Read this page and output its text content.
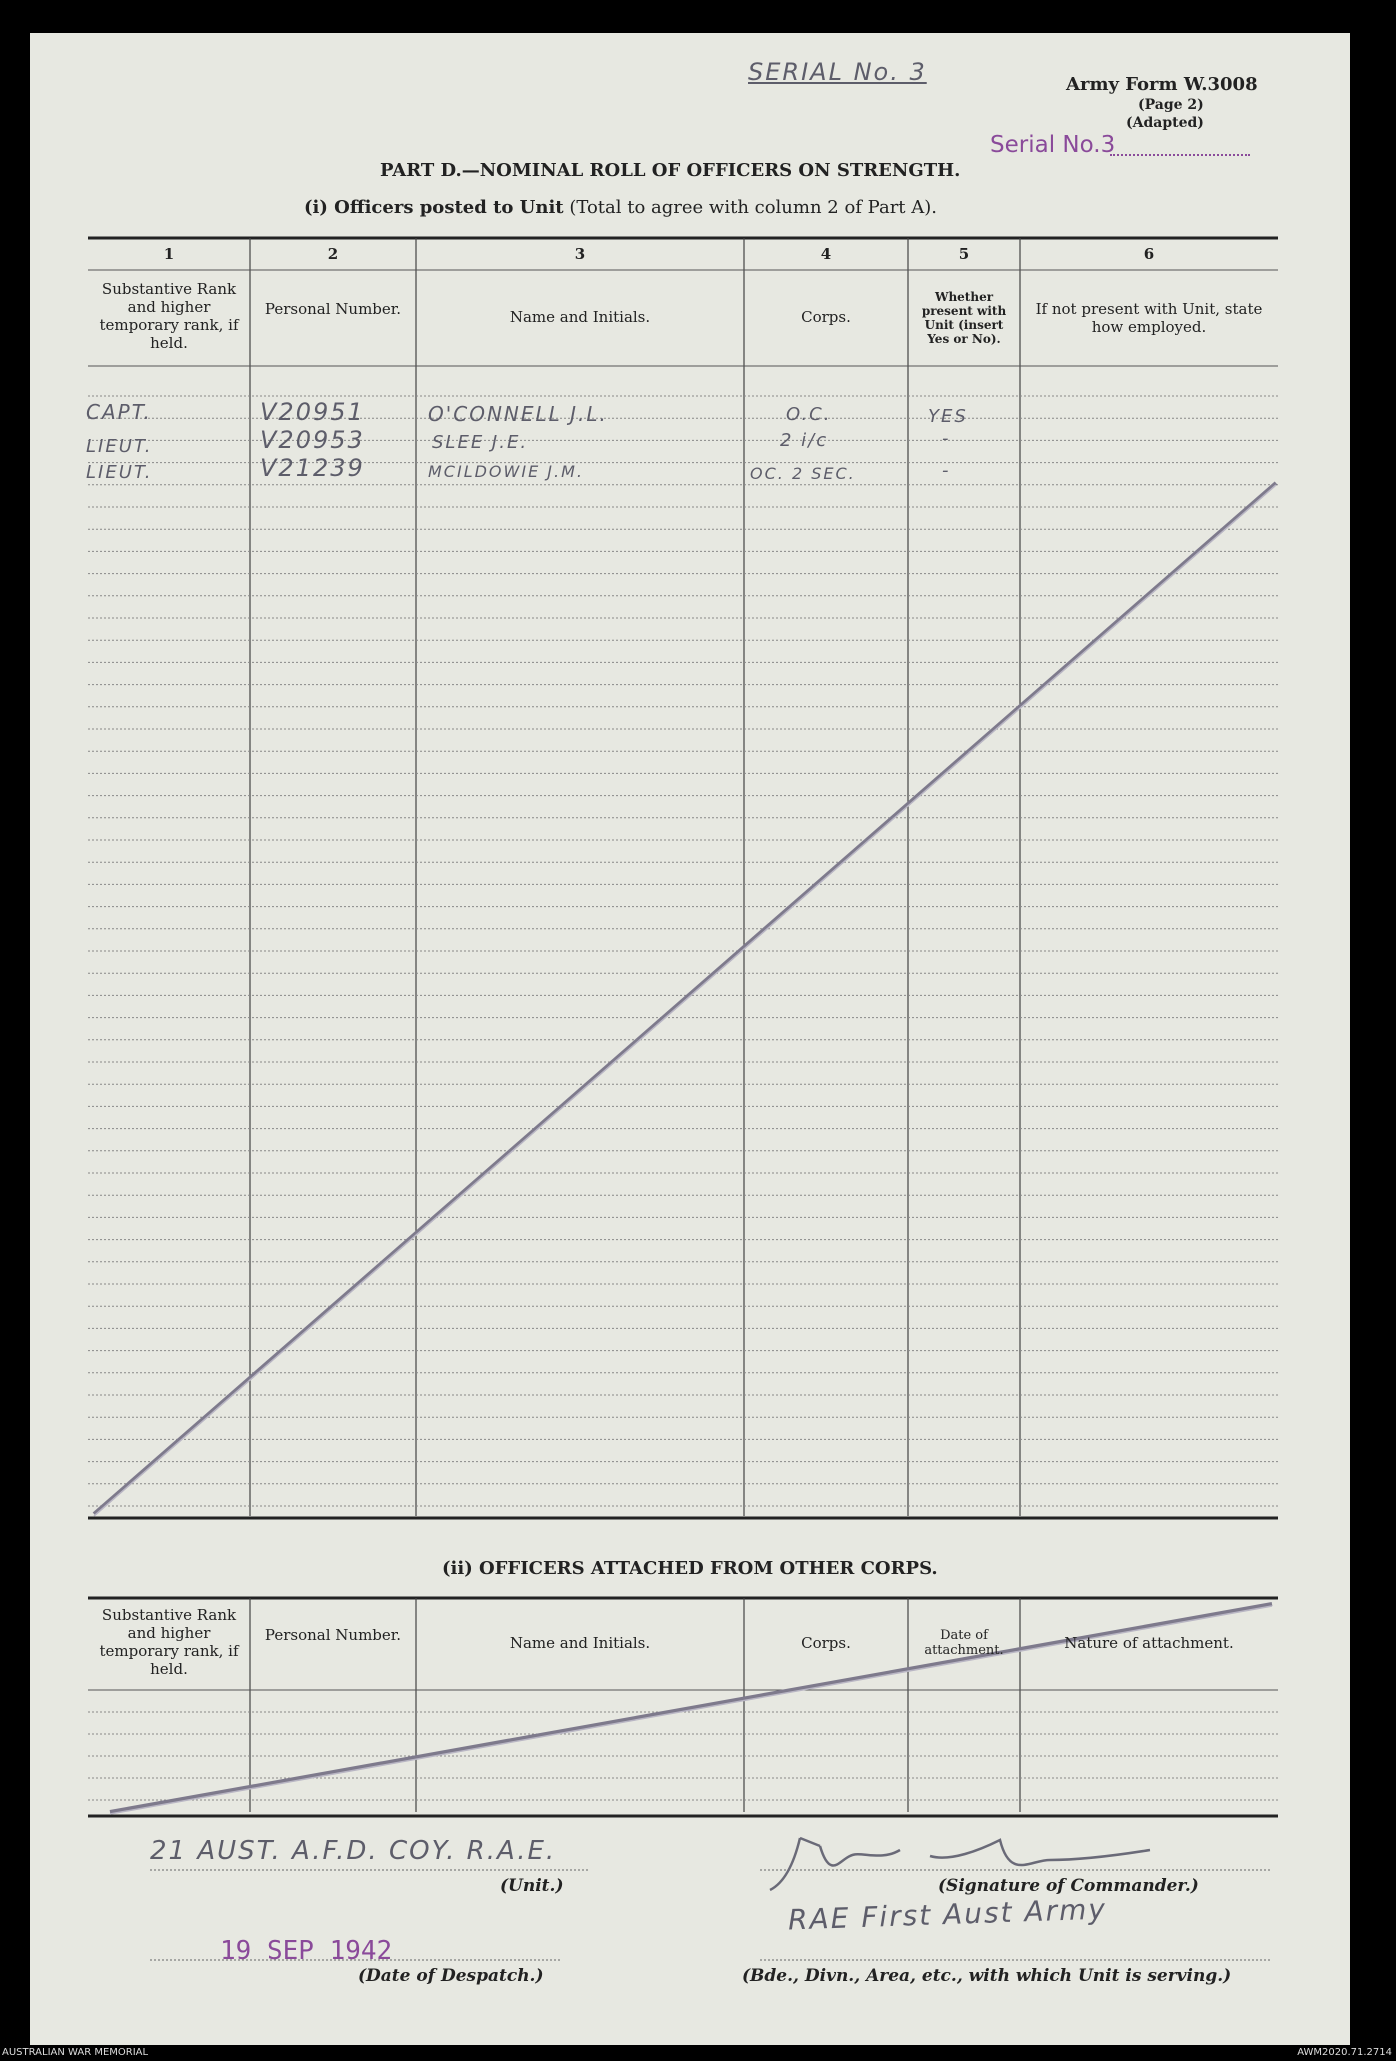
SERIAL No. 3	Army Form W.3008
(Page 2)
(Adapted)
Serial No.3
PART D.—NOMINAL ROLL OF OFFICERS ON STRENGTH.
(i) Officers posted to Unit (Total to agree with column 2 of Part A).
1	2	3	4	5	6
Substantive Rank and higher temporary rank, if held.
Personal Number.	Name and Initials.	Corps.
Whether present with Unit (insert Yes or No).
If not present with Unit, state how employed.
CAPT.	V20951	O'CONNELL J.L.	O.C.	YES
LIEUT.	V20953	SLEE J.E.	2 i/c	-
LIEUT.	V21239	MCILDOWIE J.M.	OC. 2 SEC.	-
(ii) OFFICERS ATTACHED FROM OTHER CORPS.
Substantive Rank and higher temporary rank, if held.
Personal Number.	Name and Initials.	Corps.	Date of attachment.	Nature of attachment.
21 AUST. A.F.D. COY. R.A.E.
(Unit.)	(Signature of Commander.)
19 SEP 1942
(Date of Despatch.)
RAE First Aust Army
(Bde., Divn., Area, etc., with which Unit is serving.)
AUSTRALIAN WAR MEMORIAL	AWM2020.71.2714
